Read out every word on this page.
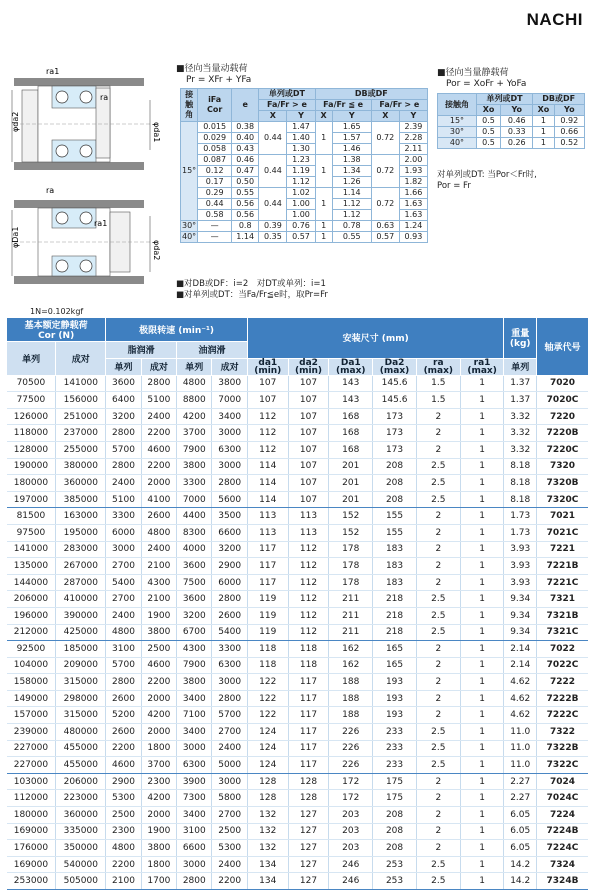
NACHI
ra1
ra
φda2
φda1
ra
ra1
φDa1
φda2
■径向当量动载荷
Pr = XFr + YFa
接触角	iFa
Cor	e	单列或DT		DB或DF			
			Fa/Fr > e		Fa/Fr ≦ e		Fa/Fr > e	
			X	Y	X	Y	X	Y
15°	0.015	0.38	0.44	1.47	1	1.65	0.72	2.39
	0.029	0.40		1.40		1.57		2.28
	0.058	0.43		1.30		1.46		2.11
	0.087	0.46	0.44	1.23	1	1.38	0.72	2.00
	0.12	0.47		1.19		1.34		1.93
	0.17	0.50		1.12		1.26		1.82
	0.29	0.55	0.44	1.02	1	1.14	0.72	1.66
	0.44	0.56		1.00		1.12		1.63
	0.58	0.56		1.00		1.12		1.63
30°	—	0.8	0.39	0.76	1	0.78	0.63	1.24
40°	—	1.14	0.35	0.57	1	0.55	0.57	0.93
■对DB或DF：i=2　对DT或单列：i=1
■对单列或DT：当Fa/Fr≦e时，取Pr=Fr
■径向当量静载荷
Por = XoFr + YoFa
接触角	单列或DT		DB或DF	
	Xo	Yo	Xo	Yo
15°	0.5	0.46	1	0.92
30°	0.5	0.33	1	0.66
40°	0.5	0.26	1	0.52
对单列或DT: 当Por＜Fr时,
Por = Fr
1N=0.102kgf
基本额定静载荷
Cor (N)		极限转速 (min⁻¹)				安装尺寸 (mm)						重量
(kg)	轴承代号
单列	成对	脂润滑		油润滑									
		单列	成对	单列	成对	da1
(min)	da2
(min)	Da1
(max)	Da2
(max)	ra
(max)	ra1
(max)	单列	
70500	141000	3600	2800	4800	3800	107	107	143	145.6	1.5	1	1.37	7020
77500	156000	6400	5100	8800	7000	107	107	143	145.6	1.5	1	1.37	7020C
126000	251000	3200	2400	4200	3400	112	107	168	173	2	1	3.32	7220
118000	237000	2800	2200	3700	3000	112	107	168	173	2	1	3.32	7220B
128000	255000	5700	4600	7900	6300	112	107	168	173	2	1	3.32	7220C
190000	380000	2800	2200	3800	3000	114	107	201	208	2.5	1	8.18	7320
180000	360000	2400	2000	3300	2800	114	107	201	208	2.5	1	8.18	7320B
197000	385000	5100	4100	7000	5600	114	107	201	208	2.5	1	8.18	7320C
81500	163000	3300	2600	4400	3500	113	113	152	155	2	1	1.73	7021
97500	195000	6000	4800	8300	6600	113	113	152	155	2	1	1.73	7021C
141000	283000	3000	2400	4000	3200	117	112	178	183	2	1	3.93	7221
135000	267000	2700	2100	3600	2900	117	112	178	183	2	1	3.93	7221B
144000	287000	5400	4300	7500	6000	117	112	178	183	2	1	3.93	7221C
206000	410000	2700	2100	3600	2800	119	112	211	218	2.5	1	9.34	7321
196000	390000	2400	1900	3200	2600	119	112	211	218	2.5	1	9.34	7321B
212000	425000	4800	3800	6700	5400	119	112	211	218	2.5	1	9.34	7321C
92500	185000	3100	2500	4300	3300	118	118	162	165	2	1	2.14	7022
104000	209000	5700	4600	7900	6300	118	118	162	165	2	1	2.14	7022C
158000	315000	2800	2200	3800	3000	122	117	188	193	2	1	4.62	7222
149000	298000	2600	2000	3400	2800	122	117	188	193	2	1	4.62	7222B
157000	315000	5200	4200	7100	5700	122	117	188	193	2	1	4.62	7222C
239000	480000	2600	2000	3400	2700	124	117	226	233	2.5	1	11.0	7322
227000	455000	2200	1800	3000	2400	124	117	226	233	2.5	1	11.0	7322B
227000	455000	4600	3700	6300	5000	124	117	226	233	2.5	1	11.0	7322C
103000	206000	2900	2300	3900	3000	128	128	172	175	2	1	2.27	7024
112000	223000	5300	4200	7300	5800	128	128	172	175	2	1	2.27	7024C
180000	360000	2500	2000	3400	2700	132	127	203	208	2	1	6.05	7224
169000	335000	2300	1900	3100	2500	132	127	203	208	2	1	6.05	7224B
176000	350000	4800	3800	6600	5300	132	127	203	208	2	1	6.05	7224C
169000	540000	2200	1800	3000	2400	134	127	246	253	2.5	1	14.2	7324
253000	505000	2100	1700	2800	2200	134	127	246	253	2.5	1	14.2	7324B
